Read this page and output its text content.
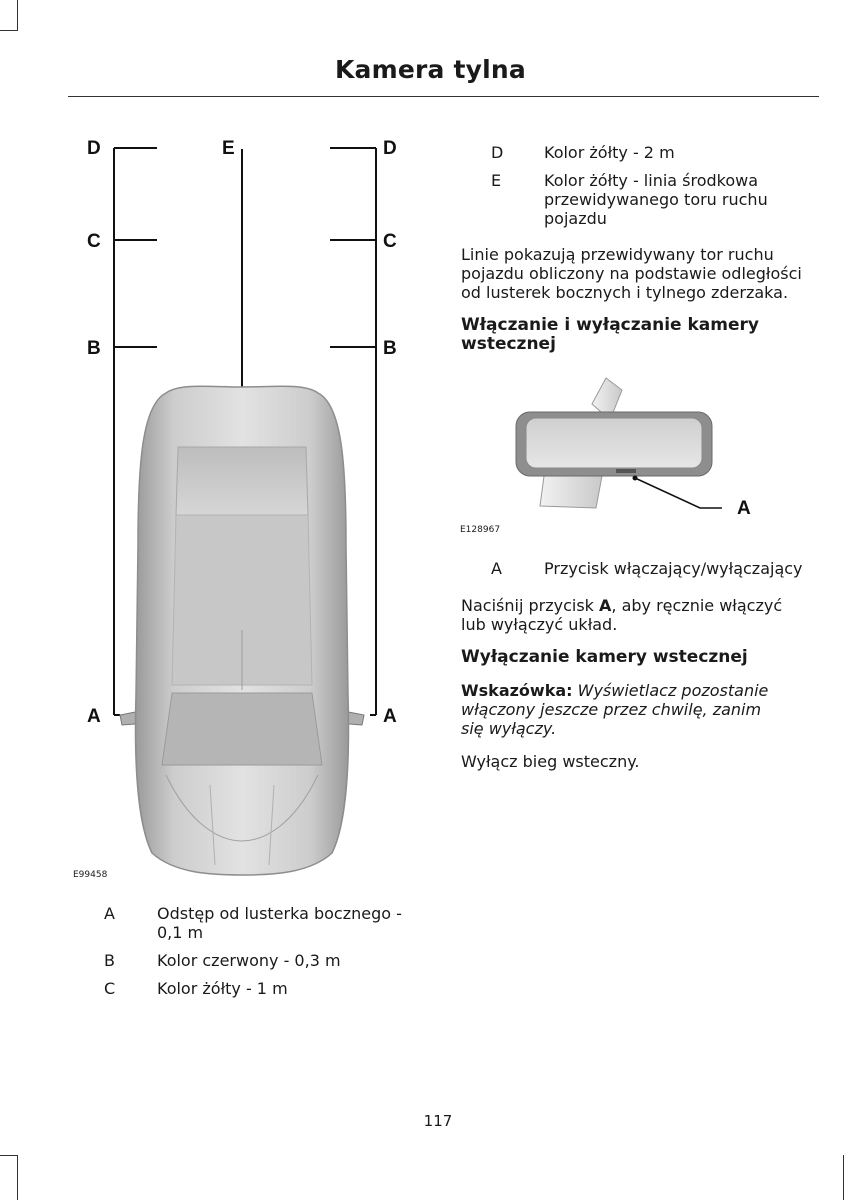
Kamera tylna
D	E	D
C	C
B	B
A	A
E99458
A	Odstęp od lusterka bocznego - 0,1 m
B	Kolor czerwony - 0,3 m
C	Kolor żółty - 1 m
D	Kolor żółty - 2 m
E	Kolor żółty - linia środkowa przewidywanego toru ruchu pojazdu

Linie pokazują przewidywany tor ruchu pojazdu obliczony na podstawie odległości od lusterek bocznych i tylnego zderzaka.

Włączanie i wyłączanie kamery wstecznej
A
E128967
A	Przycisk włączający/wyłączający

Naciśnij przycisk A, aby ręcznie włączyć lub wyłączyć układ.

Wyłączanie kamery wstecznej

Wskazówka: Wyświetlacz pozostanie włączony jeszcze przez chwilę, zanim się wyłączy.

Wyłącz bieg wsteczny.

117
